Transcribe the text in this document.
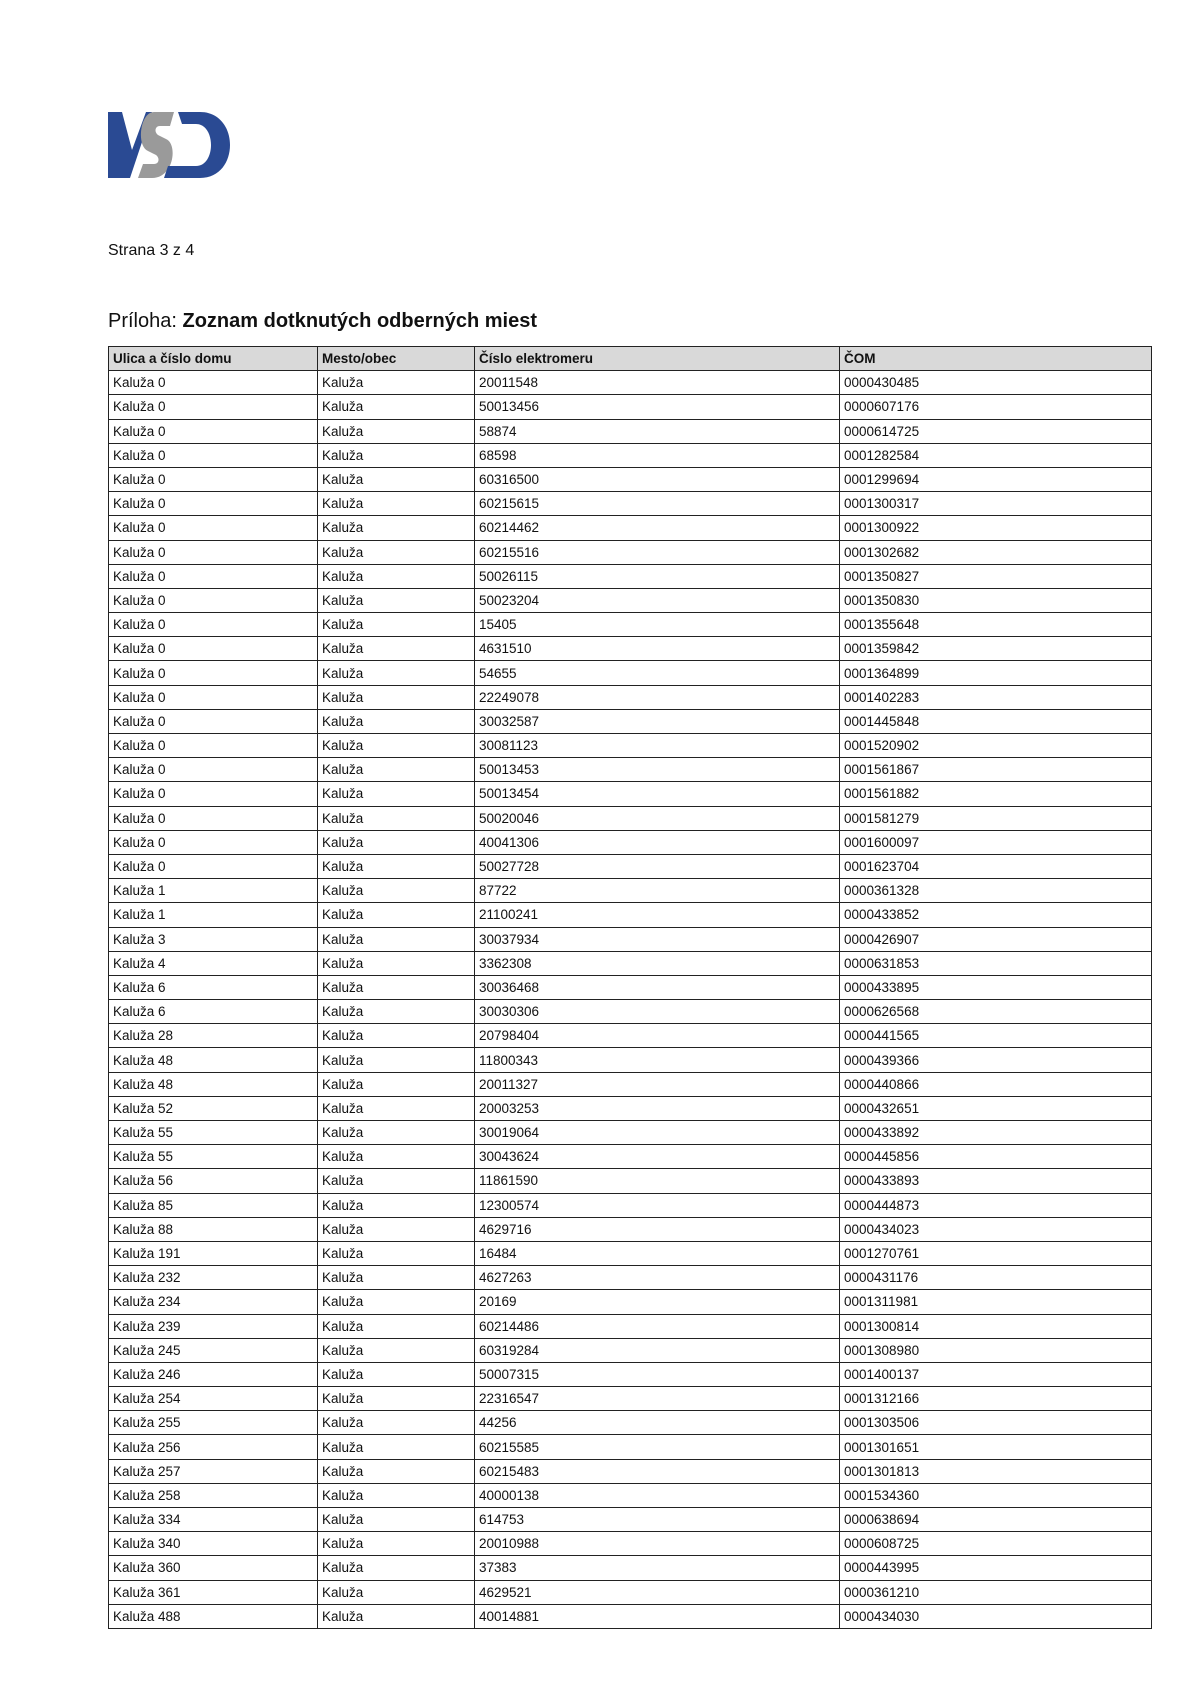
Strana 3 z 4
Príloha: Zoznam dotknutých odberných miest
Ulica a číslo domu	Mesto/obec	Číslo elektromeru	ČOM
Kaluža 0	Kaluža	20011548	0000430485
Kaluža 0	Kaluža	50013456	0000607176
Kaluža 0	Kaluža	58874	0000614725
Kaluža 0	Kaluža	68598	0001282584
Kaluža 0	Kaluža	60316500	0001299694
Kaluža 0	Kaluža	60215615	0001300317
Kaluža 0	Kaluža	60214462	0001300922
Kaluža 0	Kaluža	60215516	0001302682
Kaluža 0	Kaluža	50026115	0001350827
Kaluža 0	Kaluža	50023204	0001350830
Kaluža 0	Kaluža	15405	0001355648
Kaluža 0	Kaluža	4631510	0001359842
Kaluža 0	Kaluža	54655	0001364899
Kaluža 0	Kaluža	22249078	0001402283
Kaluža 0	Kaluža	30032587	0001445848
Kaluža 0	Kaluža	30081123	0001520902
Kaluža 0	Kaluža	50013453	0001561867
Kaluža 0	Kaluža	50013454	0001561882
Kaluža 0	Kaluža	50020046	0001581279
Kaluža 0	Kaluža	40041306	0001600097
Kaluža 0	Kaluža	50027728	0001623704
Kaluža 1	Kaluža	87722	0000361328
Kaluža 1	Kaluža	21100241	0000433852
Kaluža 3	Kaluža	30037934	0000426907
Kaluža 4	Kaluža	3362308	0000631853
Kaluža 6	Kaluža	30036468	0000433895
Kaluža 6	Kaluža	30030306	0000626568
Kaluža 28	Kaluža	20798404	0000441565
Kaluža 48	Kaluža	11800343	0000439366
Kaluža 48	Kaluža	20011327	0000440866
Kaluža 52	Kaluža	20003253	0000432651
Kaluža 55	Kaluža	30019064	0000433892
Kaluža 55	Kaluža	30043624	0000445856
Kaluža 56	Kaluža	11861590	0000433893
Kaluža 85	Kaluža	12300574	0000444873
Kaluža 88	Kaluža	4629716	0000434023
Kaluža 191	Kaluža	16484	0001270761
Kaluža 232	Kaluža	4627263	0000431176
Kaluža 234	Kaluža	20169	0001311981
Kaluža 239	Kaluža	60214486	0001300814
Kaluža 245	Kaluža	60319284	0001308980
Kaluža 246	Kaluža	50007315	0001400137
Kaluža 254	Kaluža	22316547	0001312166
Kaluža 255	Kaluža	44256	0001303506
Kaluža 256	Kaluža	60215585	0001301651
Kaluža 257	Kaluža	60215483	0001301813
Kaluža 258	Kaluža	40000138	0001534360
Kaluža 334	Kaluža	614753	0000638694
Kaluža 340	Kaluža	20010988	0000608725
Kaluža 360	Kaluža	37383	0000443995
Kaluža 361	Kaluža	4629521	0000361210
Kaluža 488	Kaluža	40014881	0000434030
